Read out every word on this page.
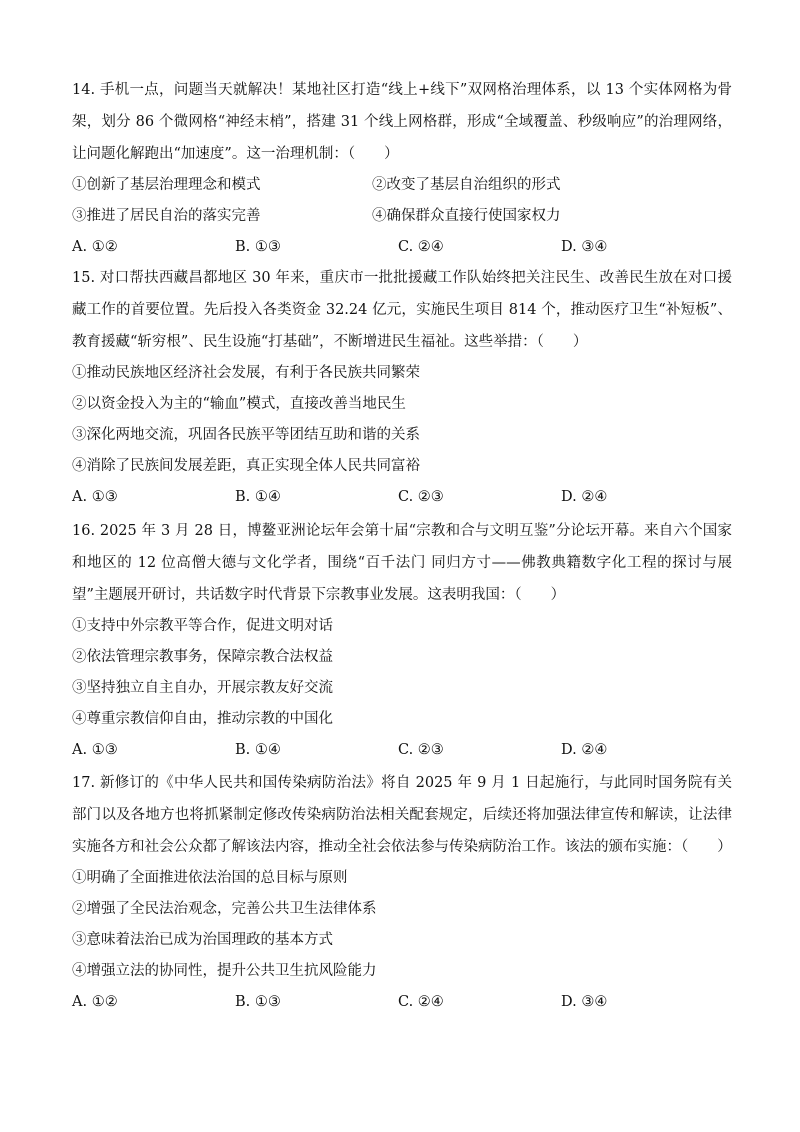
14. 手机一点，问题当天就解决！某地社区打造“线上+线下”双网格治理体系，以 13 个实体网格为骨架，划分 86 个微网格“神经末梢”，搭建 31 个线上网格群，形成“全域覆盖、秒级响应”的治理网络，让问题化解跑出“加速度”。这一治理机制：（　　）

①创新了基层治理理念和模式	②改变了基层自治组织的形式
③推进了居民自治的落实完善	④确保群众直接行使国家权力
A. ①②	B. ①③	C. ②④	D. ③④

15. 对口帮扶西藏昌都地区 30 年来，重庆市一批批援藏工作队始终把关注民生、改善民生放在对口援藏工作的首要位置。先后投入各类资金 32.24 亿元，实施民生项目 814 个，推动医疗卫生“补短板”、教育援藏“斩穷根”、民生设施“打基础”，不断增进民生福祉。这些举措：（　　）

①推动民族地区经济社会发展，有利于各民族共同繁荣
②以资金投入为主的“输血”模式，直接改善当地民生
③深化两地交流，巩固各民族平等团结互助和谐的关系
④消除了民族间发展差距，真正实现全体人民共同富裕
A. ①③	B. ①④	C. ②③	D. ②④

16. 2025 年 3 月 28 日，博鳌亚洲论坛年会第十届“宗教和合与文明互鉴”分论坛开幕。来自六个国家和地区的 12 位高僧大德与文化学者，围绕“百千法门 同归方寸——佛教典籍数字化工程的探讨与展望”主题展开研讨，共话数字时代背景下宗教事业发展。这表明我国：（　　）

①支持中外宗教平等合作，促进文明对话
②依法管理宗教事务，保障宗教合法权益
③坚持独立自主自办，开展宗教友好交流
④尊重宗教信仰自由，推动宗教的中国化
A. ①③	B. ①④	C. ②③	D. ②④

17. 新修订的《中华人民共和国传染病防治法》将自 2025 年 9 月 1 日起施行，与此同时国务院有关部门以及各地方也将抓紧制定修改传染病防治法相关配套规定，后续还将加强法律宣传和解读，让法律实施各方和社会公众都了解该法内容，推动全社会依法参与传染病防治工作。该法的颁布实施：（　　）

①明确了全面推进依法治国的总目标与原则
②增强了全民法治观念，完善公共卫生法律体系
③意味着法治已成为治国理政的基本方式
④增强立法的协同性，提升公共卫生抗风险能力
A. ①②	B. ①③	C. ②④	D. ③④
